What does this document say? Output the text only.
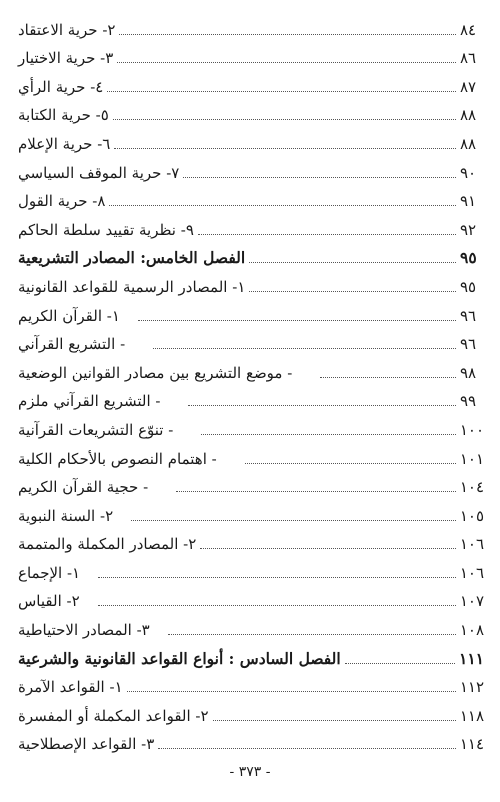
٢- حرية الاعتقاد	٨٤
٣- حرية الاختيار	٨٦
٤- حرية الرأي	٨٧
٥- حرية الكتابة	٨٨
٦- حرية الإعلام	٨٨
٧- حرية الموقف السياسي	٩٠
٨- حرية القول	٩١
٩- نظرية تقييد سلطة الحاكم	٩٢
الفصل الخامس: المصادر التشريعية	٩٥
١- المصادر الرسمية للقواعد القانونية	٩٥
١- القرآن الكريم	٩٦
- التشريع القرآني	٩٦
- موضع التشريع بين مصادر القوانين الوضعية	٩٨
- التشريع القرآني ملزم	٩٩
- تنوّع التشريعات القرآنية	١٠٠
- اهتمام النصوص بالأحكام الكلية	١٠١
- حجية القرآن الكريم	١٠٤
٢- السنة النبوية	١٠٥
٢- المصادر المكملة والمتممة	١٠٦
١- الإجماع	١٠٦
٢- القياس	١٠٧
٣- المصادر الاحتياطية	١٠٨
الفصل السادس : أنواع القواعد القانونية والشرعية	١١١
١- القواعد الآمرة	١١٢
٢- القواعد المكملة أو المفسرة	١١٨
٣- القواعد الإصطلاحية	١١٤
- ٣٧٣ -
